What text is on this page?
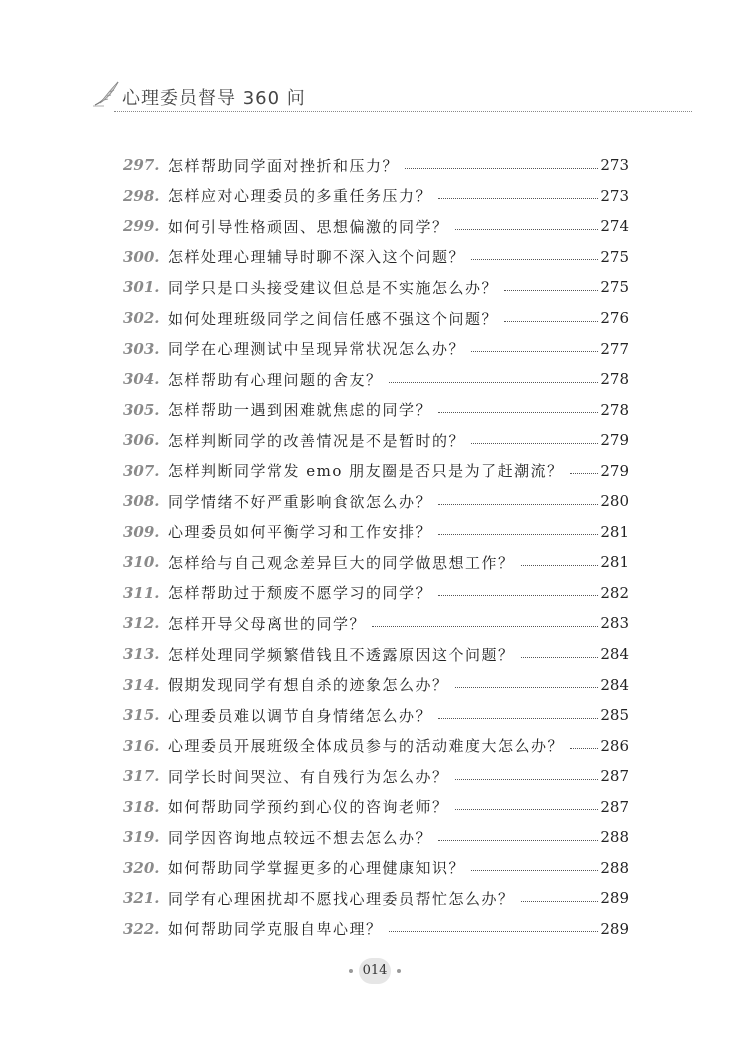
心理委员督导 360 问
297. 怎样帮助同学面对挫折和压力？	273
298. 怎样应对心理委员的多重任务压力？	273
299. 如何引导性格顽固、思想偏激的同学？	274
300. 怎样处理心理辅导时聊不深入这个问题？	275
301. 同学只是口头接受建议但总是不实施怎么办？	275
302. 如何处理班级同学之间信任感不强这个问题？	276
303. 同学在心理测试中呈现异常状况怎么办？	277
304. 怎样帮助有心理问题的舍友？	278
305. 怎样帮助一遇到困难就焦虑的同学？	278
306. 怎样判断同学的改善情况是不是暂时的？	279
307. 怎样判断同学常发 emo 朋友圈是否只是为了赶潮流？ 279
308. 同学情绪不好严重影响食欲怎么办？	280
309. 心理委员如何平衡学习和工作安排？	281
310. 怎样给与自己观念差异巨大的同学做思想工作？	281
311. 怎样帮助过于颓废不愿学习的同学？	282
312. 怎样开导父母离世的同学？	283
313. 怎样处理同学频繁借钱且不透露原因这个问题？	284
314. 假期发现同学有想自杀的迹象怎么办？	284
315. 心理委员难以调节自身情绪怎么办？	285
316. 心理委员开展班级全体成员参与的活动难度大怎么办？ 286
317. 同学长时间哭泣、有自残行为怎么办？	287
318. 如何帮助同学预约到心仪的咨询老师？	287
319. 同学因咨询地点较远不想去怎么办？	288
320. 如何帮助同学掌握更多的心理健康知识？	288
321. 同学有心理困扰却不愿找心理委员帮忙怎么办？	289
322. 如何帮助同学克服自卑心理？	289
014
